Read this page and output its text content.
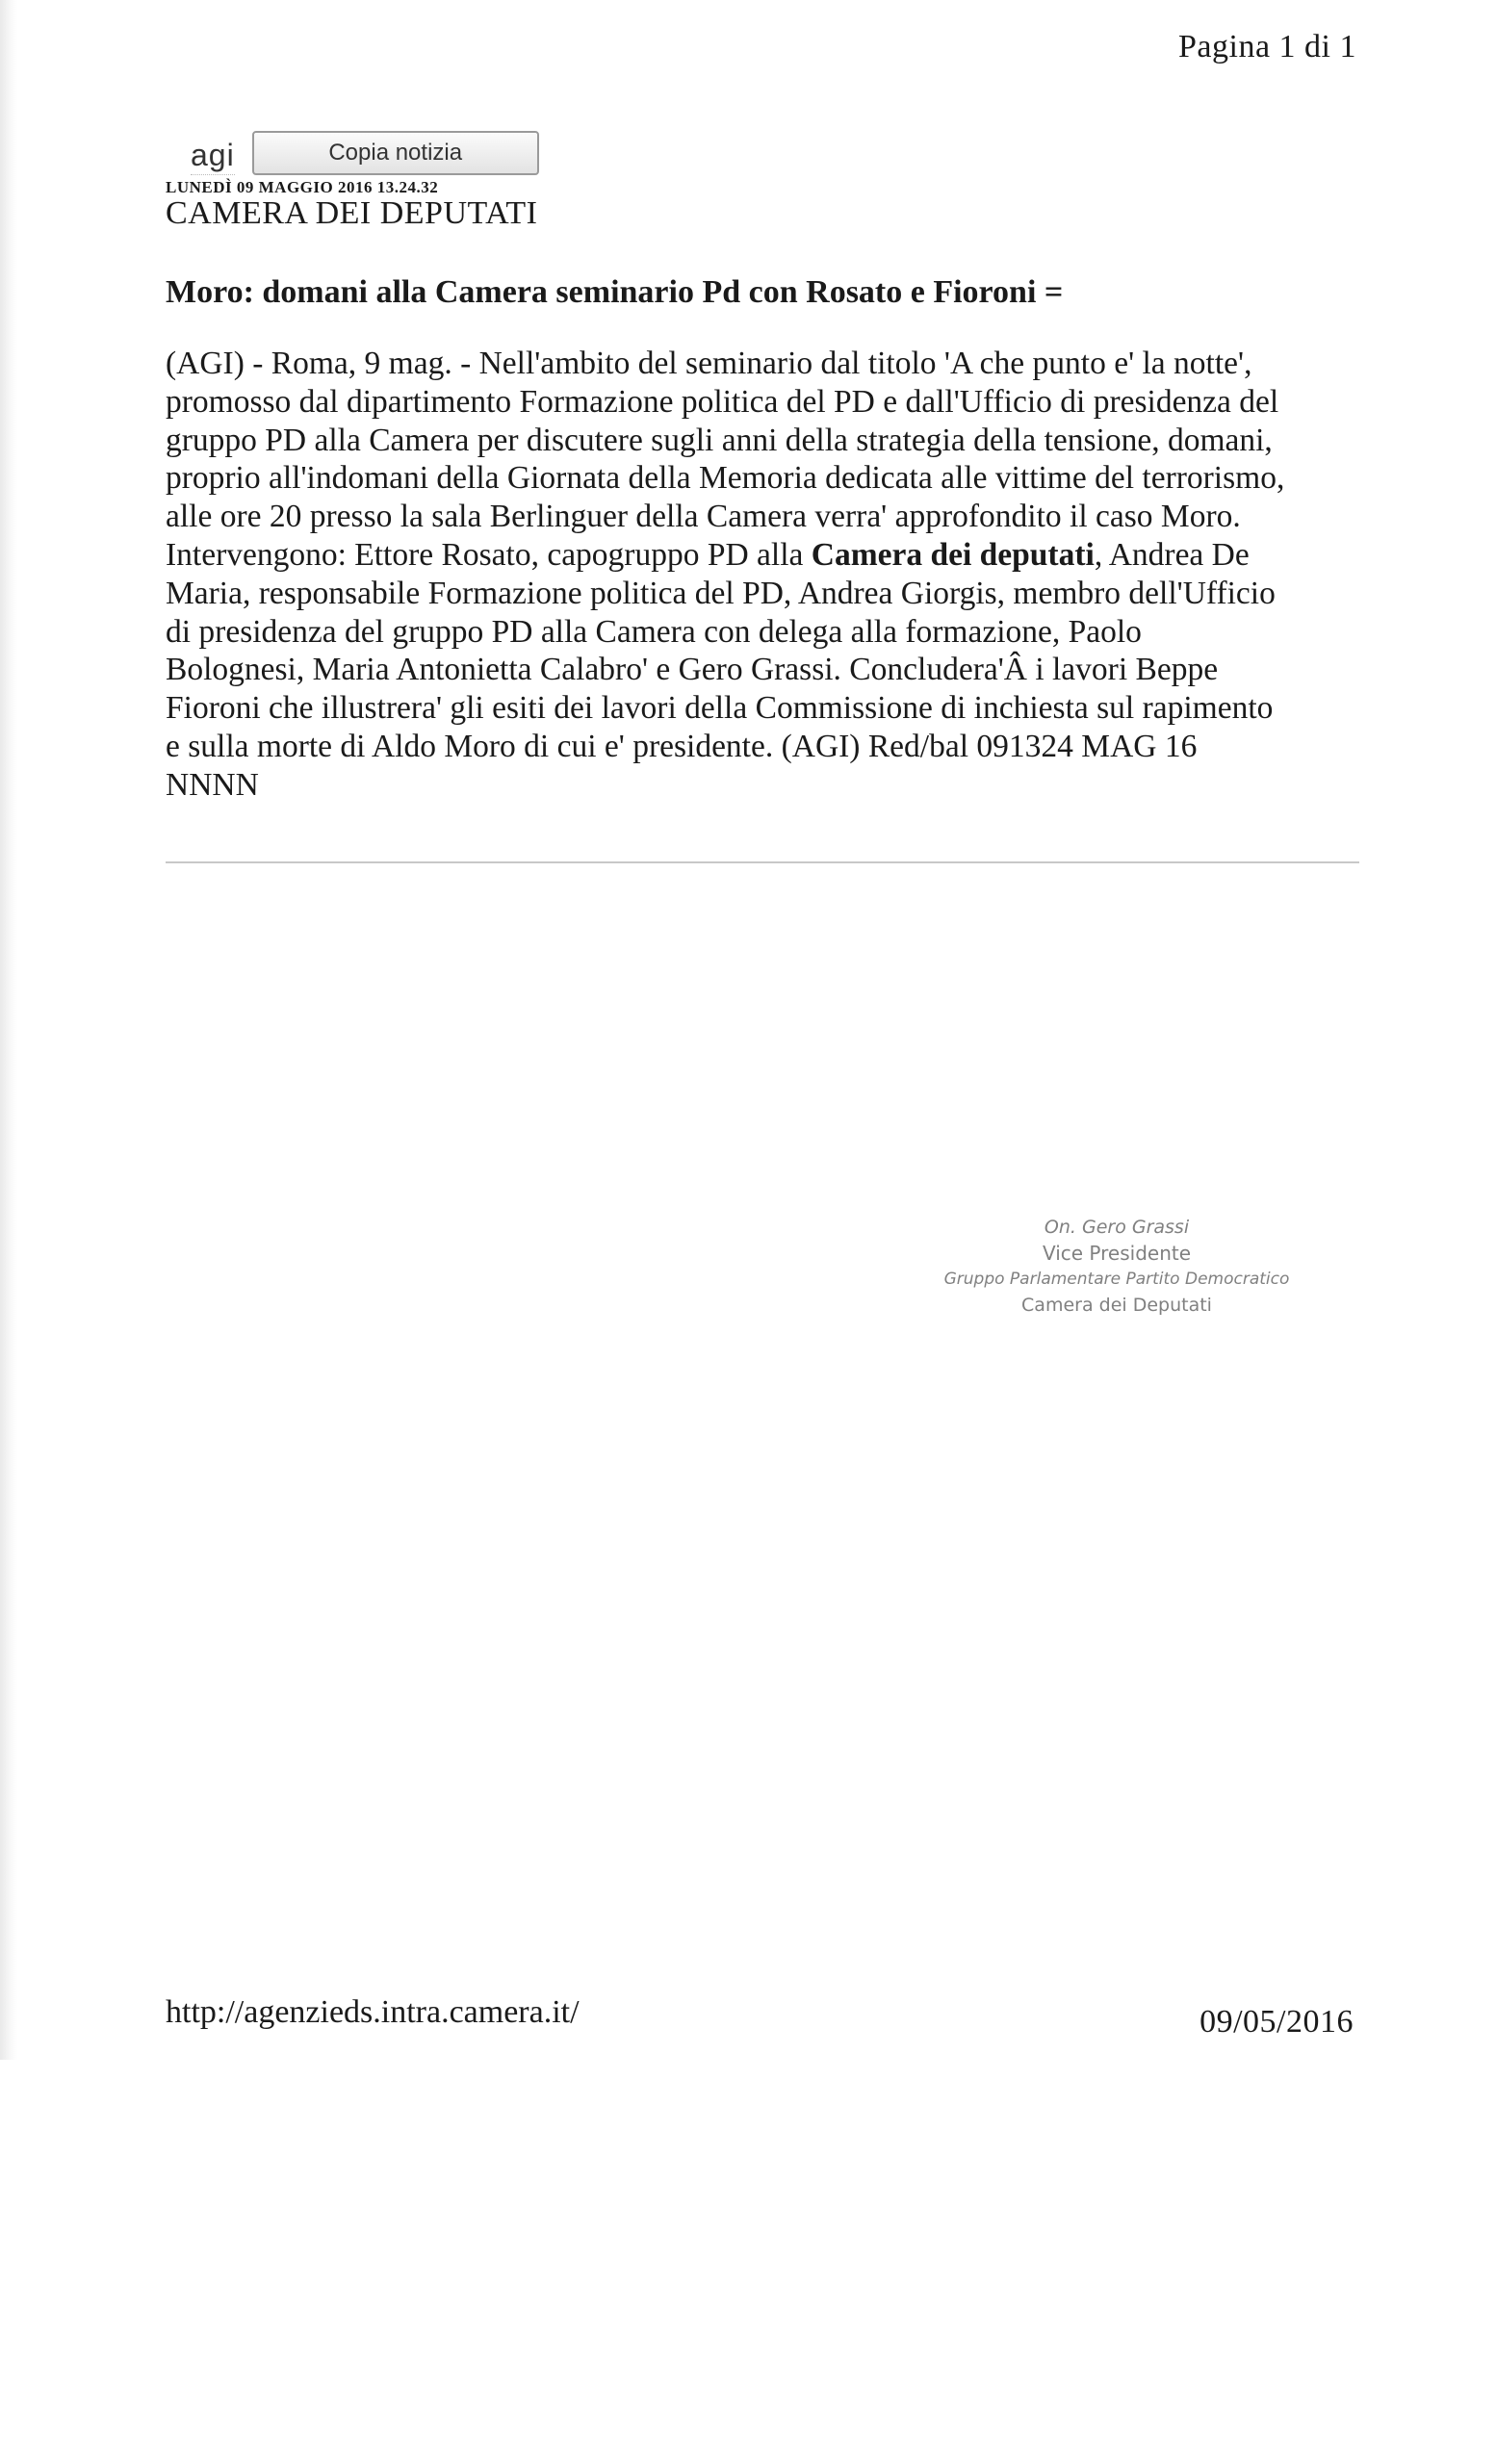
Pagina 1 di 1
agi	Copia notizia
LUNEDÌ 09 MAGGIO 2016 13.24.32
CAMERA DEI DEPUTATI
Moro: domani alla Camera seminario Pd con Rosato e Fioroni =

(AGI) - Roma, 9 mag. - Nell'ambito del seminario dal titolo 'A che punto e' la notte',

promosso dal dipartimento Formazione politica del PD e dall'Ufficio di presidenza del

gruppo PD alla Camera per discutere sugli anni della strategia della tensione, domani,

proprio all'indomani della Giornata della Memoria dedicata alle vittime del terrorismo,

alle ore 20 presso la sala Berlinguer della Camera verra' approfondito il caso Moro.

Intervengono: Ettore Rosato, capogruppo PD alla Camera dei deputati, Andrea De

Maria, responsabile Formazione politica del PD, Andrea Giorgis, membro dell'Ufficio

di presidenza del gruppo PD alla Camera con delega alla formazione, Paolo

Bolognesi, Maria Antonietta Calabro' e Gero Grassi. Concludera'Â i lavori Beppe

Fioroni che illustrera' gli esiti dei lavori della Commissione di inchiesta sul rapimento

e sulla morte di Aldo Moro di cui e' presidente. (AGI) Red/bal 091324 MAG 16

NNNN

On. Gero Grassi
Vice Presidente
Gruppo Parlamentare Partito Democratico
Camera dei Deputati
http://agenzieds.intra.camera.it/	09/05/2016
